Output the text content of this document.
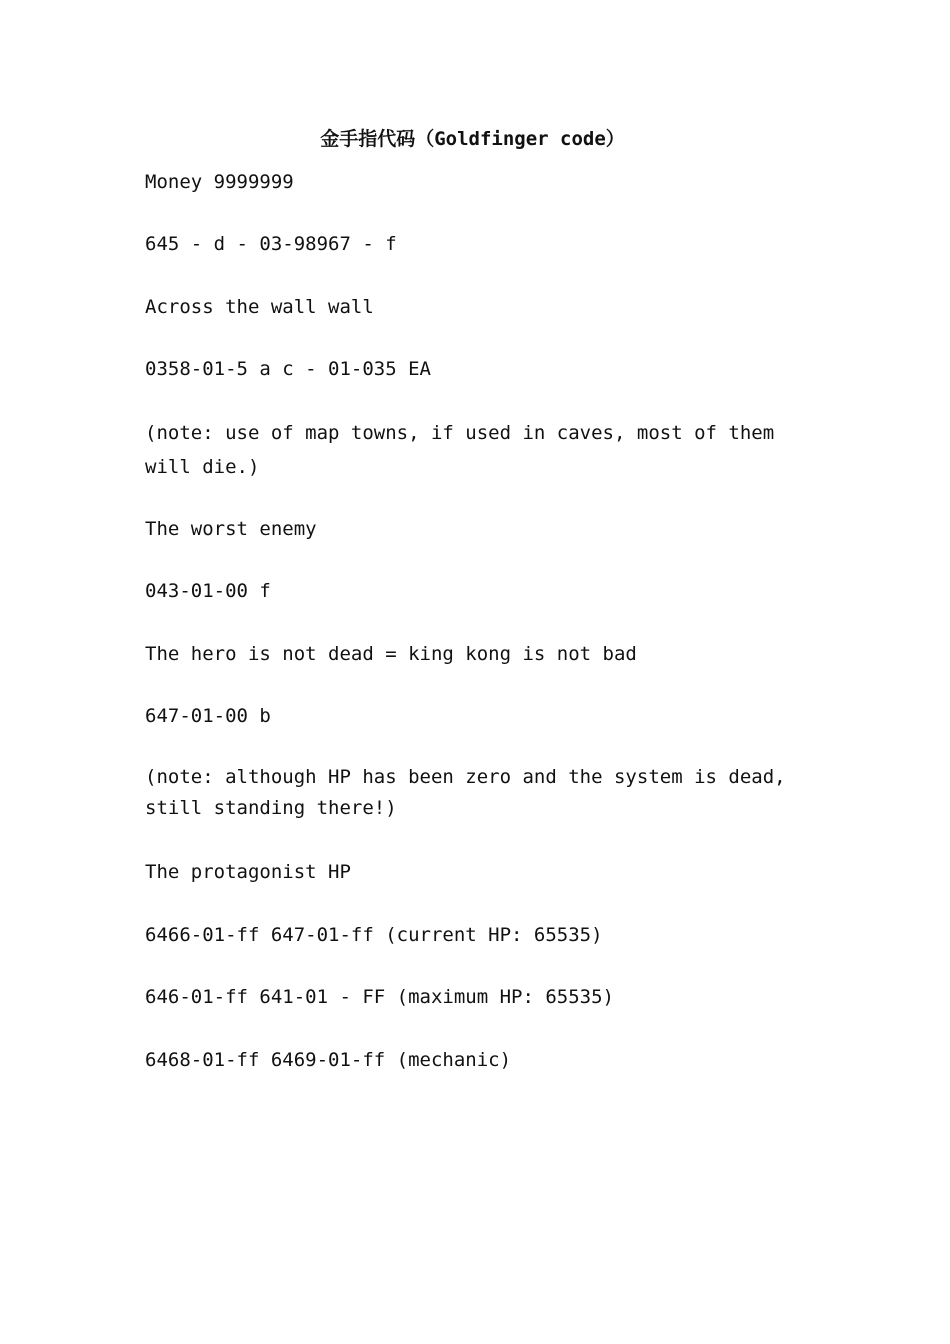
金手指代码（Goldfinger code）

Money 9999999

645 - d - 03-98967 - f

Across the wall wall

0358-01-5 a c - 01-035 EA

(note: use of map towns, if used in caves, most of them will die.)

The worst enemy

043-01-00 f

The hero is not dead = king kong is not bad

647-01-00 b

(note: although HP has been zero and the system is dead, still standing there!)

The protagonist HP

6466-01-ff 647-01-ff (current HP: 65535)

646-01-ff 641-01 - FF (maximum HP: 65535)

6468-01-ff 6469-01-ff (mechanic)
